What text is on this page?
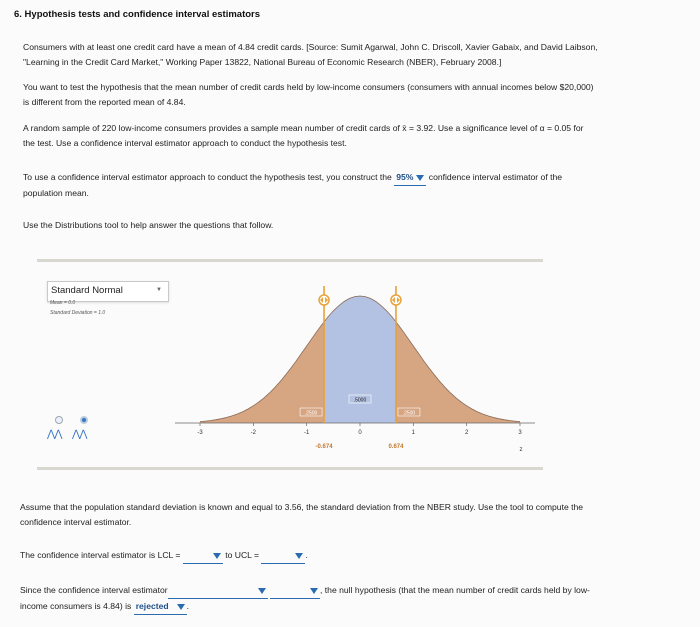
6. Hypothesis tests and confidence interval estimators
Consumers with at least one credit card have a mean of 4.84 credit cards. [Source: Sumit Agarwal, John C. Driscoll, Xavier Gabaix, and David Laibson,
"Learning in the Credit Card Market," Working Paper 13822, National Bureau of Economic Research (NBER), February 2008.]
You want to test the hypothesis that the mean number of credit cards held by low-income consumers (consumers with annual incomes below $20,000)
is different from the reported mean of 4.84.
A random sample of 220 low-income consumers provides a sample mean number of credit cards of x̄ = 3.92. Use a significance level of α = 0.05 for
the test. Use a confidence interval estimator approach to conduct the hypothesis test.
To use a confidence interval estimator approach to conduct the hypothesis test, you construct the 95% confidence interval estimator of the
population mean.
Use the Distributions tool to help answer the questions that follow.
Standard Normal	▼
Mean = 0.0
Standard Deviation = 1.0
⋀⋀ ⋀⋀	-3	-2	-1	0	1	2	3
.2500
.5000
.2500
-0.674	0.674	z
Assume that the population standard deviation is known and equal to 3.56, the standard deviation from the NBER study. Use the tool to compute the
confidence interval estimator.
The confidence interval estimator is LCL =	to UCL =	.
Since the confidence interval estimator	, the null hypothesis (that the mean number of credit cards held by low-
income consumers is 4.84) is rejected .
